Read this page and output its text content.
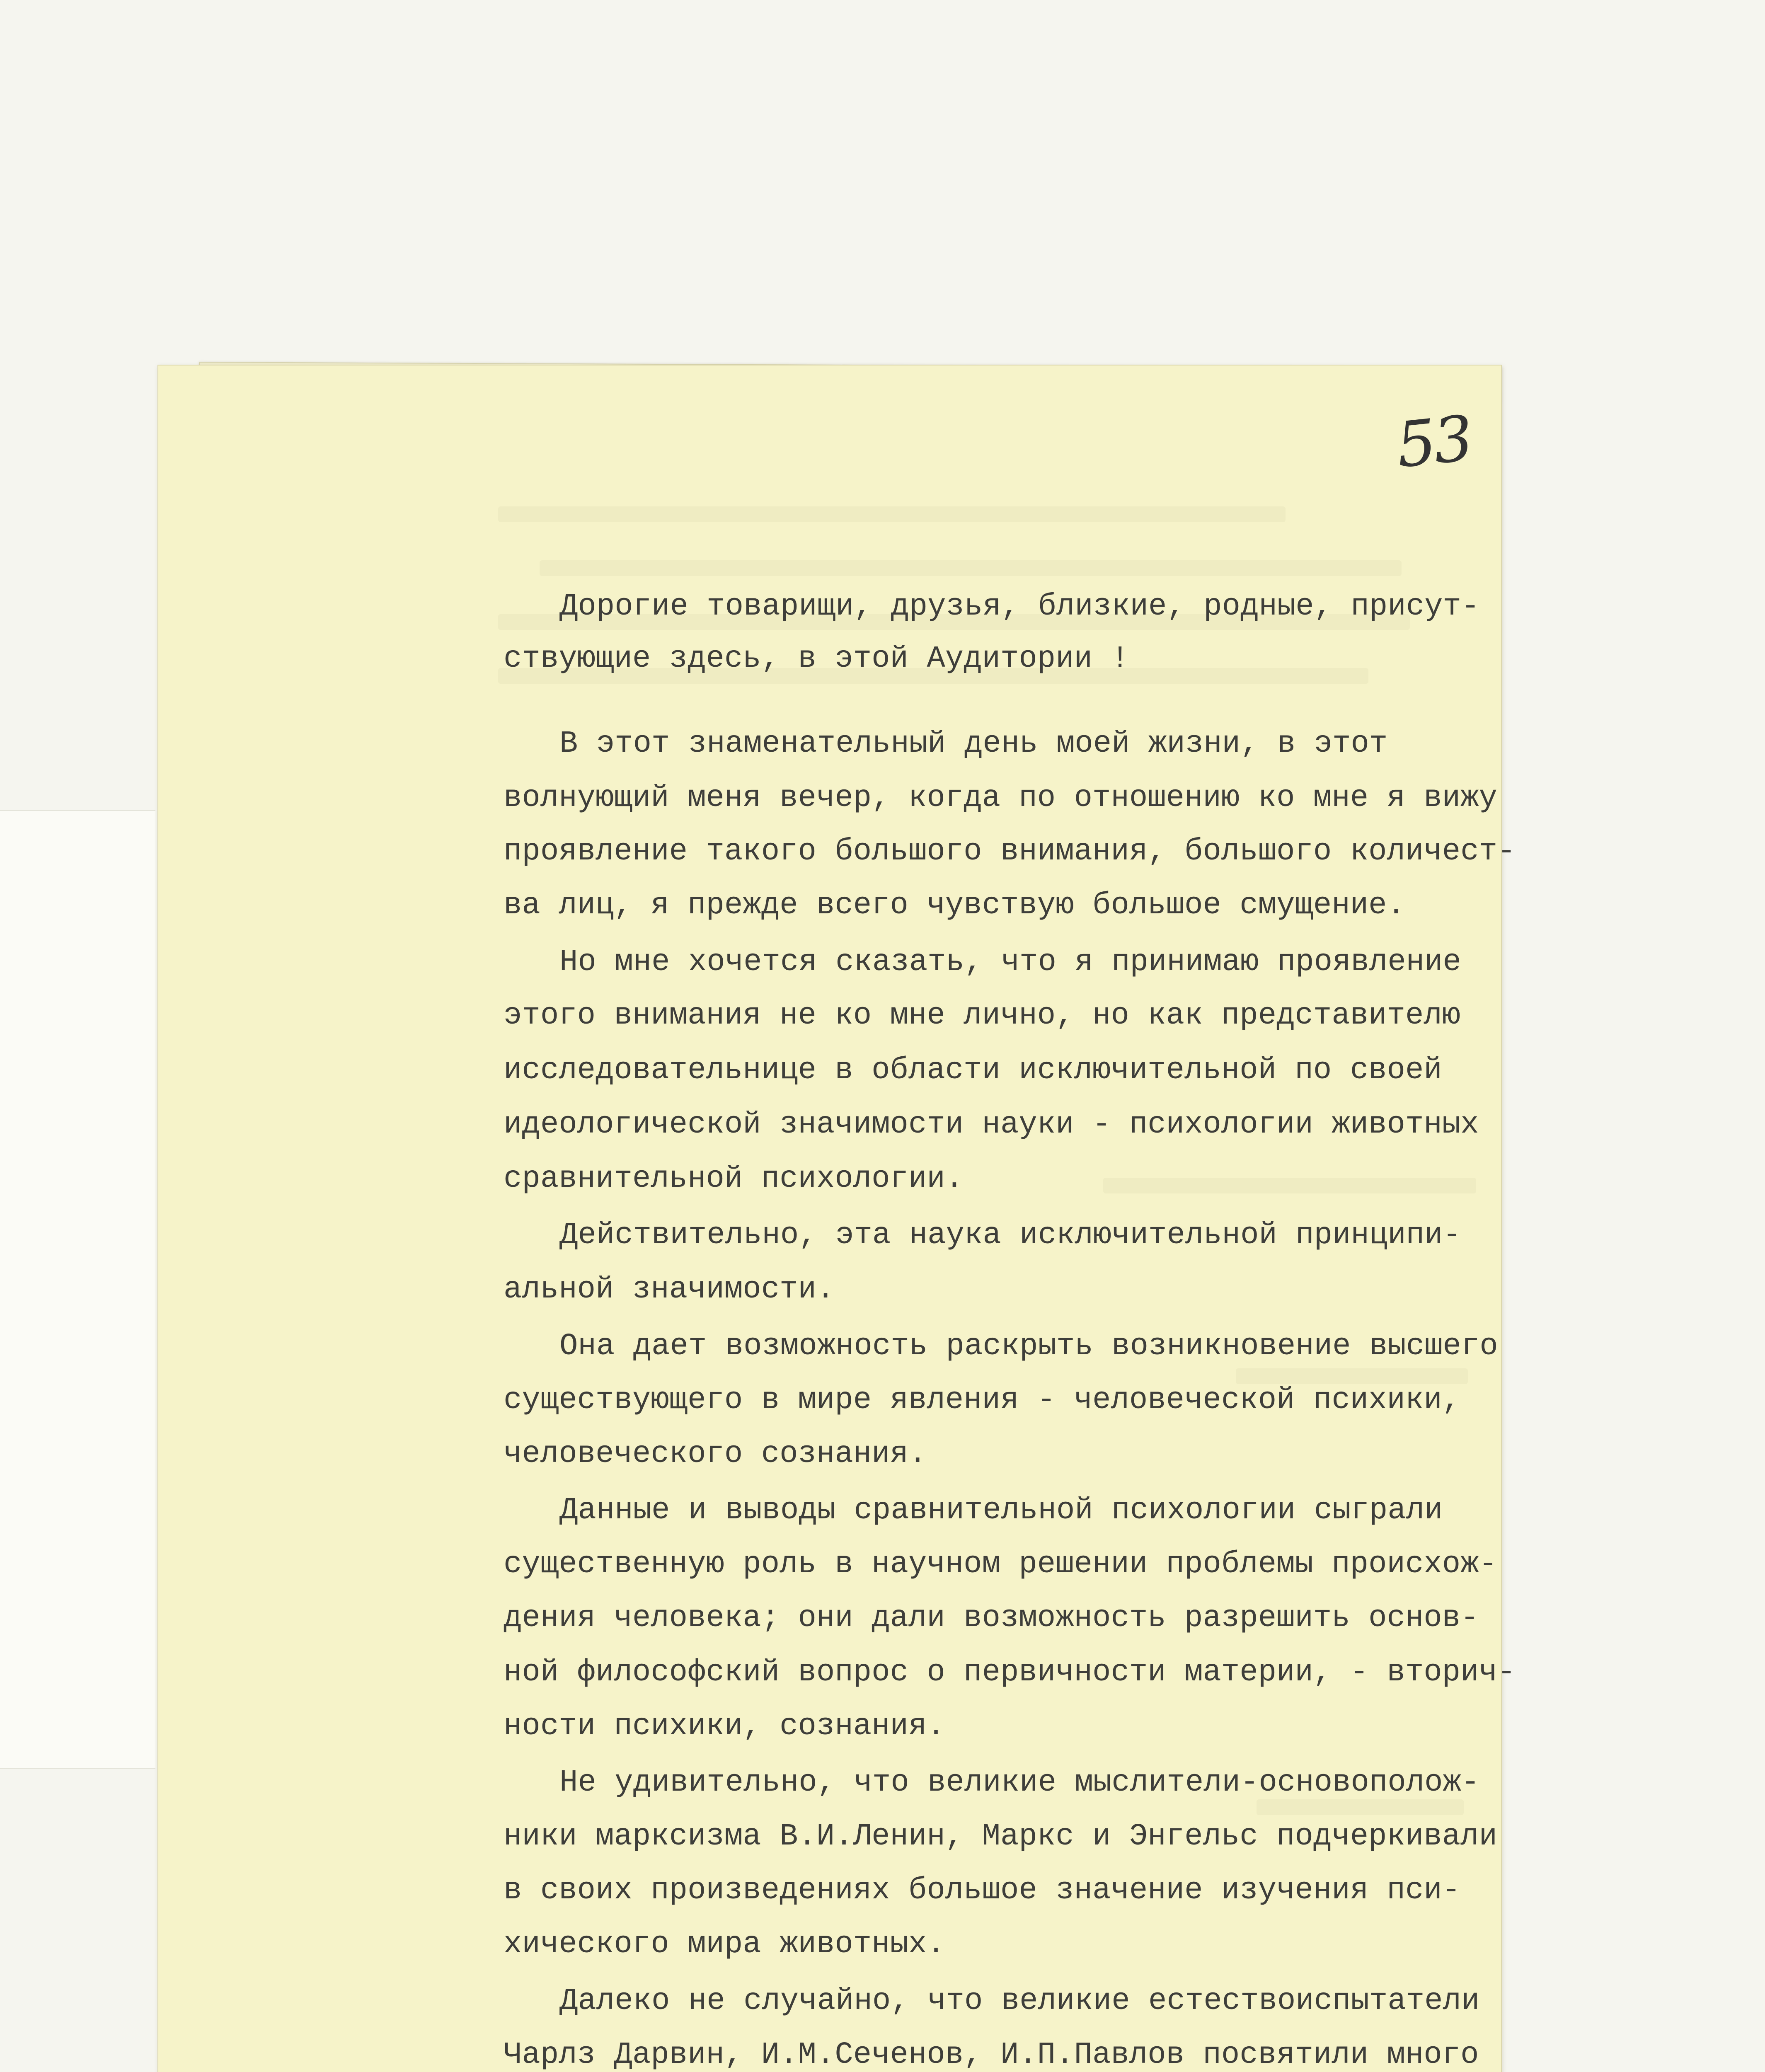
53
Дорогие товарищи, друзья, близкие, родные, присут-
ствующие здесь, в этой Аудитории !
В этот знаменательный день моей жизни, в этот
волнующий меня вечер, когда по отношению ко мне я вижу
проявление такого большого внимания, большого количест-
ва лиц, я прежде всего чувствую большое смущение.
Но мне хочется сказать, что я принимаю проявление
этого внимания не ко мне лично, но как представителю
исследовательнице в области исключительной по своей
идеологической значимости науки - психологии животных
сравнительной психологии.
Действительно, эта наука исключительной принципи-
альной значимости.
Она дает возможность раскрыть возникновение высшего
существующего в мире явления - человеческой психики,
человеческого сознания.
Данные и выводы сравнительной психологии сыграли
существенную роль в научном решении проблемы происхож-
дения человека; они дали возможность разрешить основ-
ной философский вопрос о первичности материи, - вторич-
ности психики, сознания.
Не удивительно, что великие мыслители-основополож-
ники марксизма В.И.Ленин, Маркс и Энгельс подчеркивали
в своих произведениях большое значение изучения пси-
хического мира животных.
Далеко не случайно, что великие естествоиспытатели
Чарлз Дарвин, И.М.Сеченов, И.П.Павлов посвятили много
